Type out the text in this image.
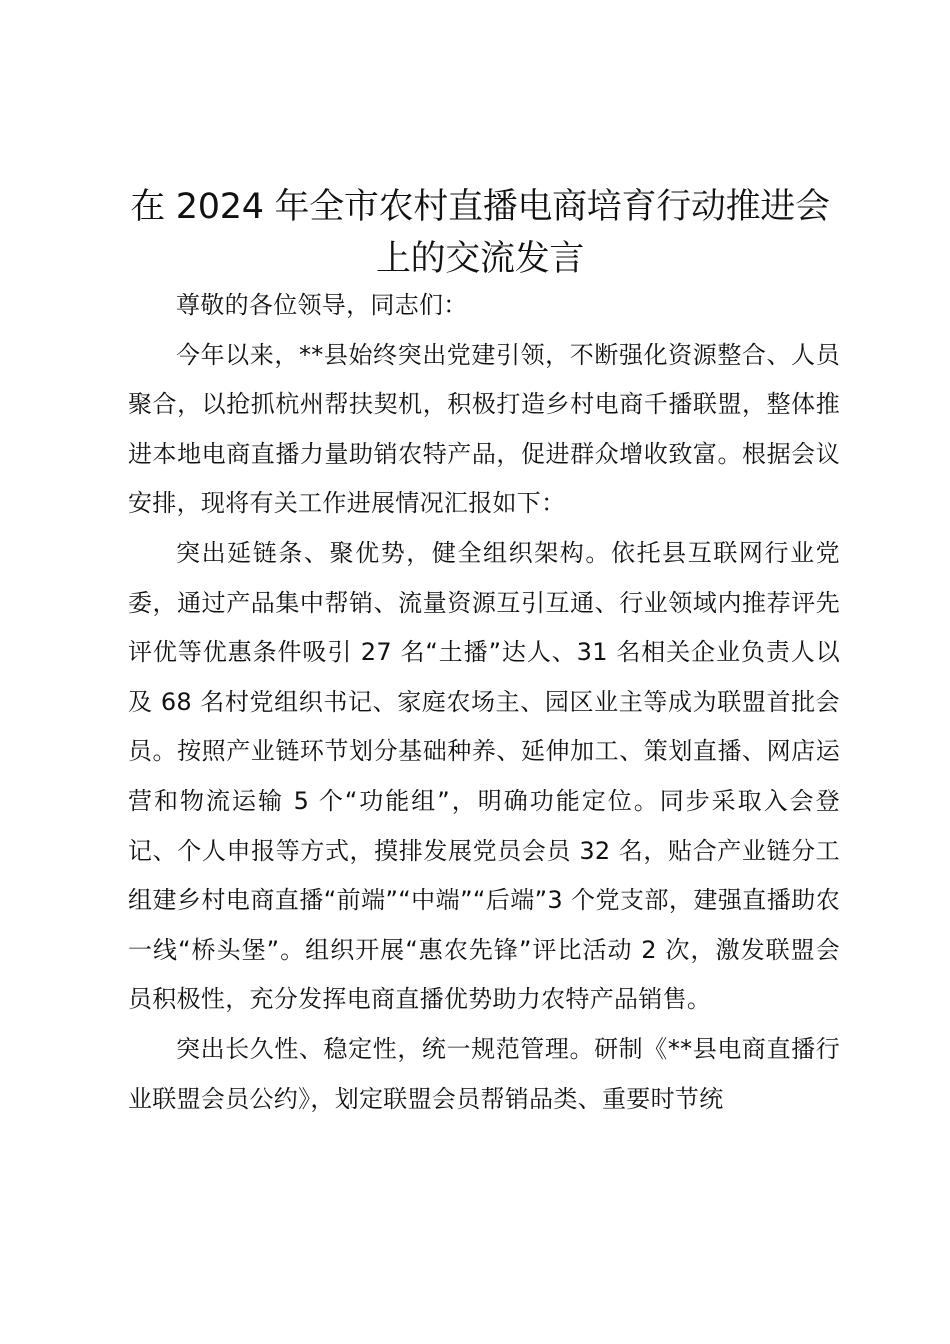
在 2024 年全市农村直播电商培育行动推进会
上的交流发言

尊敬的各位领导，同志们：

今年以来，**县始终突出党建引领，不断强化资源整合、人员聚合，以抢抓杭州帮扶契机，积极打造乡村电商千播联盟，整体推进本地电商直播力量助销农特产品，促进群众增收致富。根据会议安排，现将有关工作进展情况汇报如下：

突出延链条、聚优势，健全组织架构。依托县互联网行业党委，通过产品集中帮销、流量资源互引互通、行业领域内推荐评先评优等优惠条件吸引 27 名“土播”达人、31 名相关企业负责人以及 68 名村党组织书记、家庭农场主、园区业主等成为联盟首批会员。按照产业链环节划分基础种养、延伸加工、策划直播、网店运营和物流运输 5 个“功能组”，明确功能定位。同步采取入会登记、个人申报等方式，摸排发展党员会员 32 名，贴合产业链分工组建乡村电商直播“前端”“中端”“后端”3 个党支部，建强直播助农一线“桥头堡”。组织开展“惠农先锋”评比活动 2 次，激发联盟会员积极性，充分发挥电商直播优势助力农特产品销售。

突出长久性、稳定性，统一规范管理。研制《**县电商直播行业联盟会员公约》，划定联盟会员帮销品类、重要时节统
